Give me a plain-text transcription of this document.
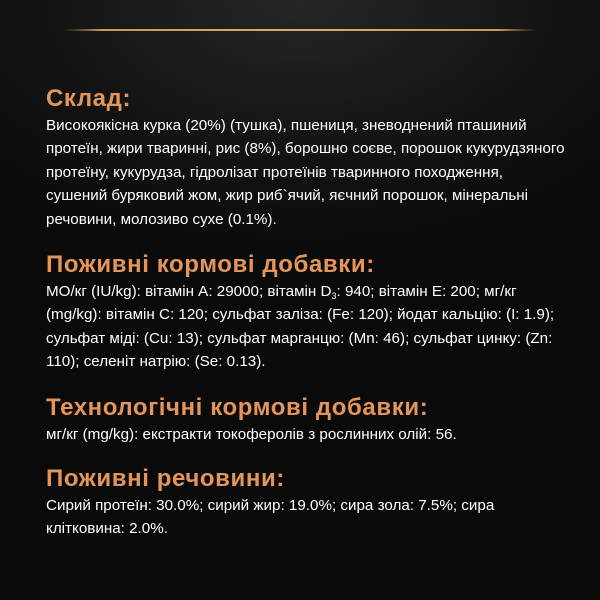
Склад:

Високоякісна курка (20%) (тушка), пшениця, зневоднений пташиний протеїн, жири тваринні, рис (8%), борошно соєве, порошок кукурудзяного протеїну, кукурудза, гідролізат протеїнів тваринного походження, сушений буряковий жом, жир риб`ячий, яєчний порошок, мінеральні речовини, молозиво сухе (0.1%).

Поживні кормові добавки:

МО/кг (IU/kg): вітамін А: 29000; вітамін $D_3$: 940; вітамін E: 200; мг/кг (mg/kg): вітамін С: 120; сульфат заліза: (Fe: 120); йодат кальцію: (I: 1.9); сульфат міді: (Cu: 13); сульфат марганцю: (Mn: 46); сульфат цинку: (Zn: 110); селеніт натрію: (Se: 0.13).

Технологічні кормові добавки:

мг/кг (mg/kg): екстракти токоферолів з рослинних олій: 56.

Поживні речовини:

Сирий протеїн: 30.0%; сирий жир: 19.0%; сира зола: 7.5%; сира клітковина: 2.0%.
